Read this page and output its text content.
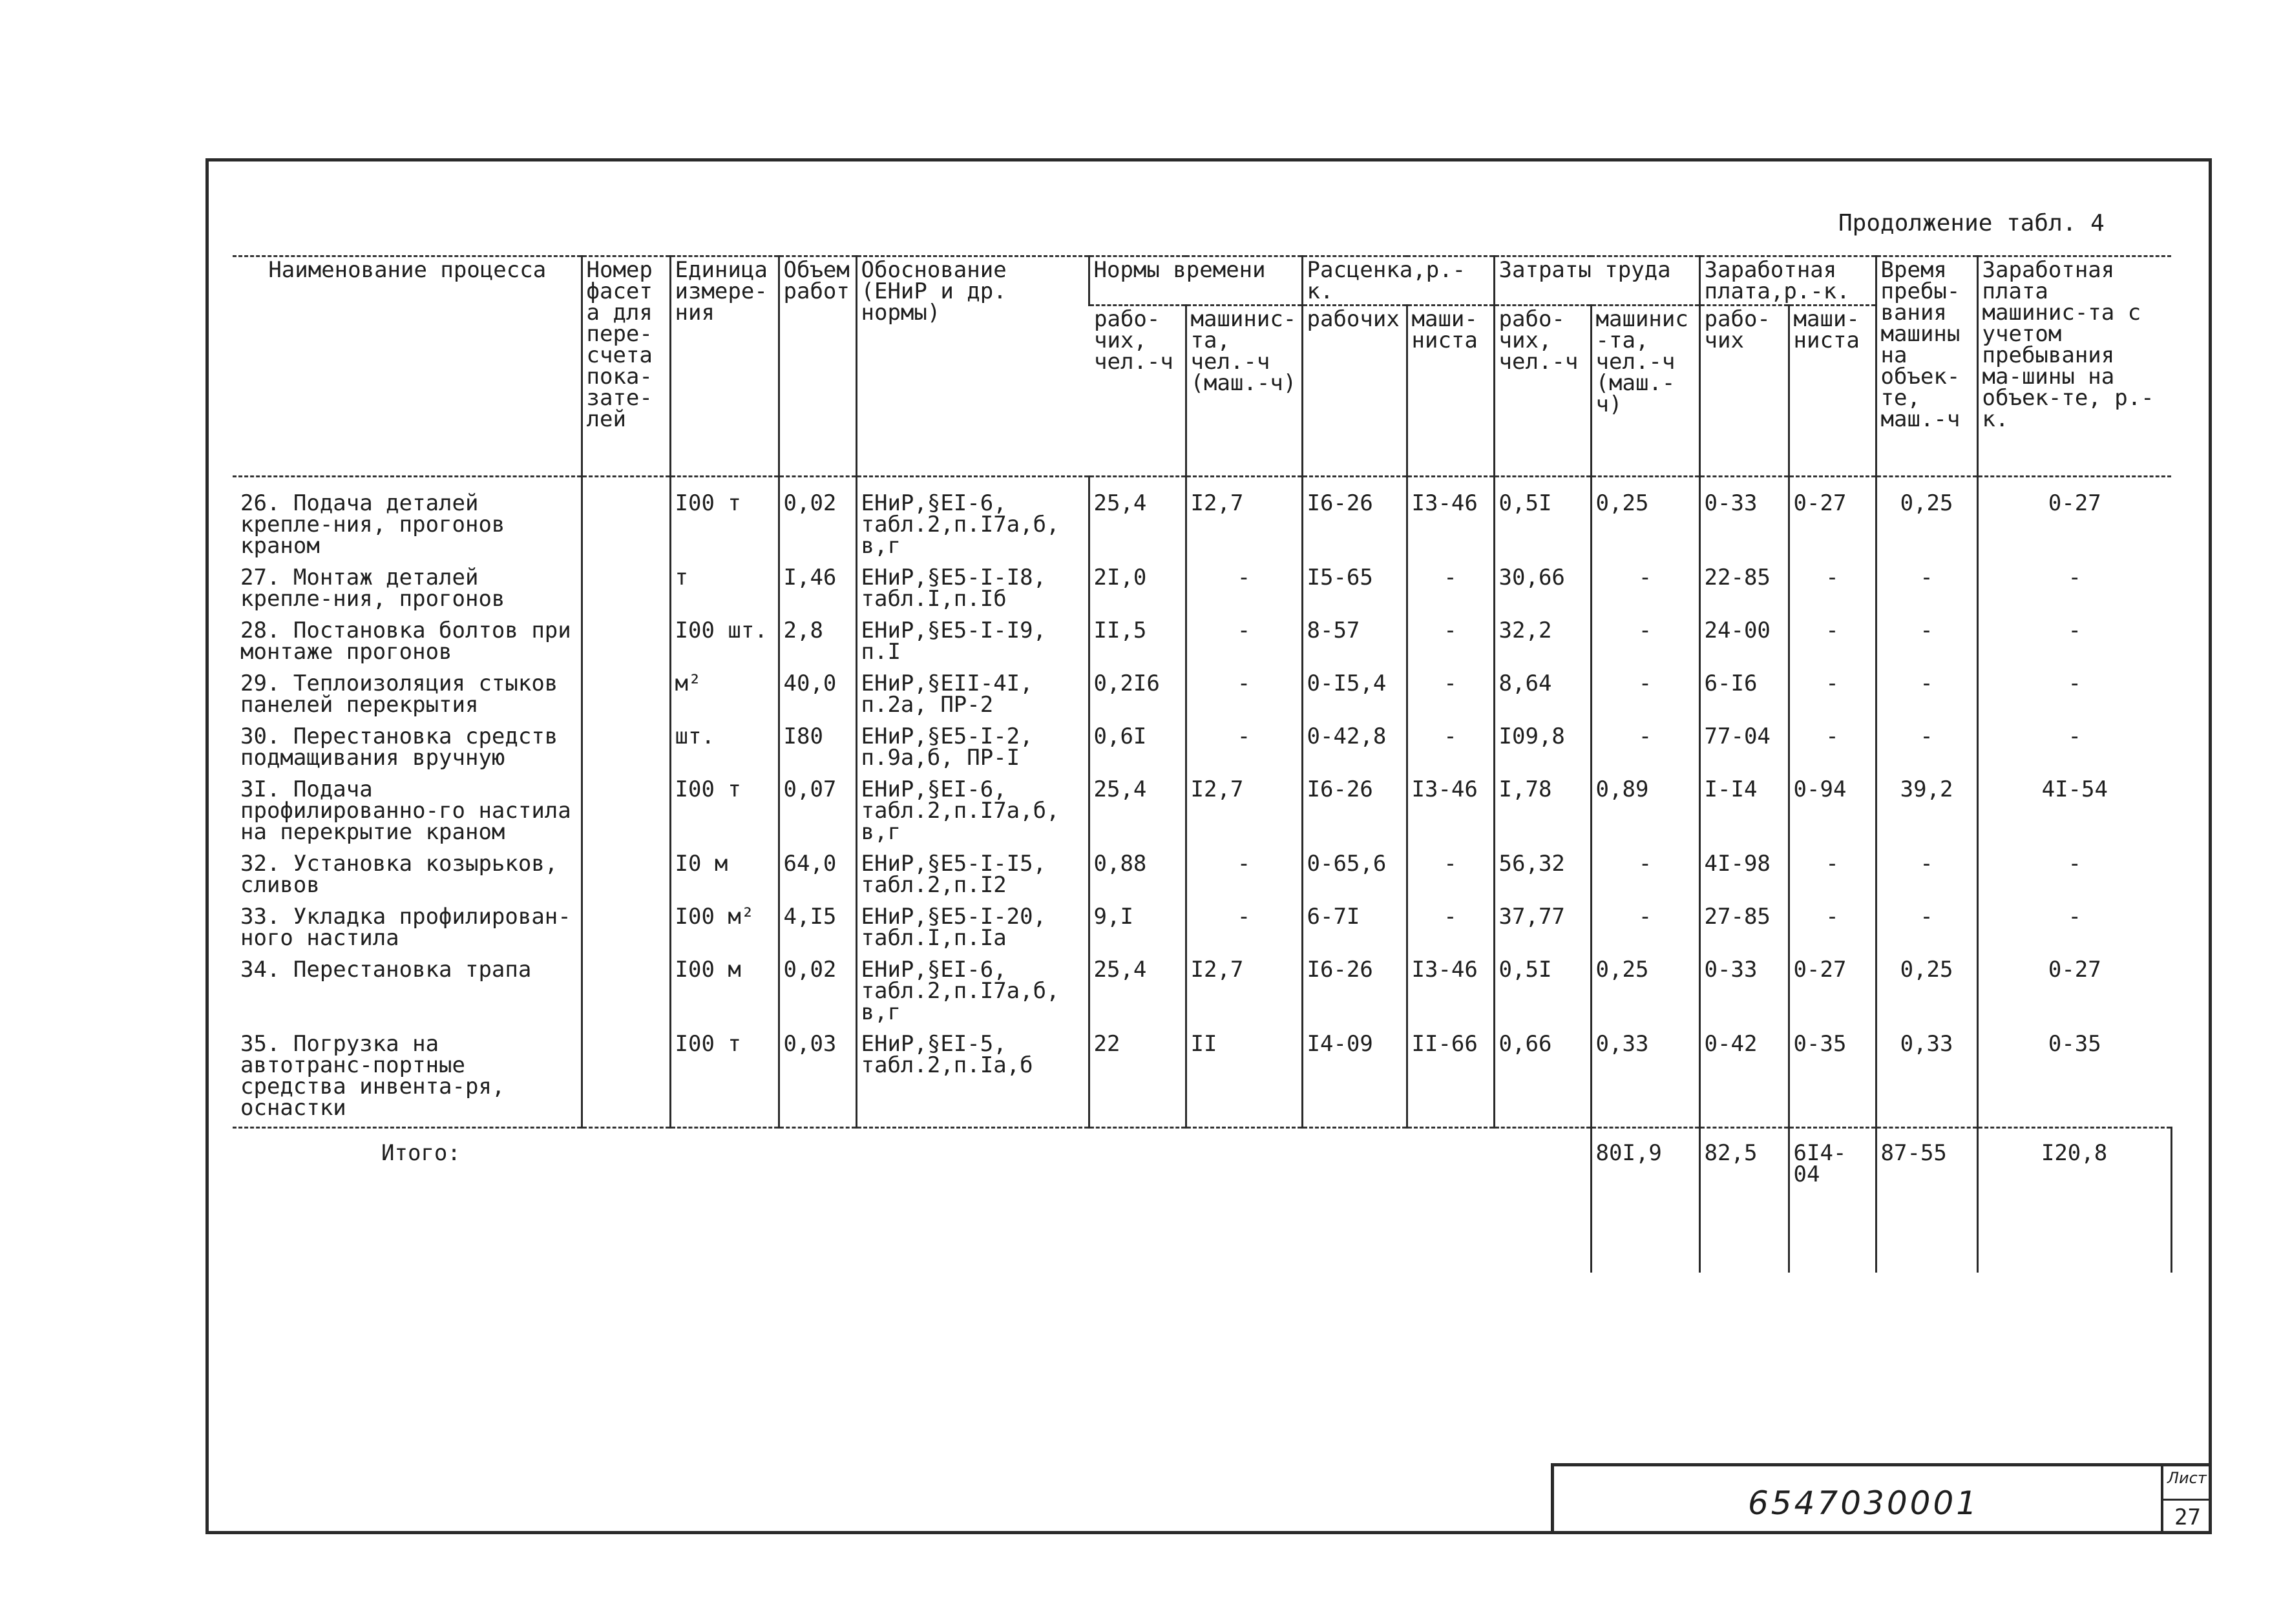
Продолжение табл. 4
Наименование процесса	Номер фасета для пере-счета пока-зате-лей	Единица измере-ния	Объем работ	Обоснование (ЕНиР и др. нормы)	Нормы времени		Расценка,р.-к.		Затраты труда		Заработная плата,р.-к.		Время пребы-вания машины на объек-те, маш.-ч	Заработная плата машинис-та с учетом пребывания ма-шины на объек-те, р.-к.	
					рабо-чих, чел.-ч	машинис-та, чел.-ч (маш.-ч)	рабочих	маши-ниста	рабо-чих, чел.-ч	машинис-та, чел.-ч (маш.-ч)	рабо-чих	маши-ниста			
26. Подача деталей крепле-ния, прогонов краном		I00 т	0,02	ЕНиР,§EI-6, табл.2,п.I7а,б, в,г	25,4	I2,7	I6-26	I3-46	0,5I	0,25	0-33	0-27	0,25	0-27	
27. Монтаж деталей крепле-ния, прогонов		т	I,46	ЕНиР,§Е5-I-I8, табл.I,п.Iб	2I,0	-	I5-65	-	30,66	-	22-85	-	-	-	
28. Постановка болтов при монтаже прогонов		I00 шт.	2,8	ЕНиР,§Е5-I-I9, п.I	II,5	-	8-57	-	32,2	-	24-00	-	-	-	
29. Теплоизоляция стыков панелей перекрытия		м²	40,0	ЕНиР,§ЕII-4I, п.2а, ПР-2	0,2I6	-	0-I5,4	-	8,64	-	6-I6	-	-	-	
30. Перестановка средств подмащивания вручную		шт.	I80	ЕНиР,§Е5-I-2, п.9а,б, ПР-I	0,6I	-	0-42,8	-	I09,8	-	77-04	-	-	-	
3I. Подача профилированно-го настила на перекрытие краном		I00 т	0,07	ЕНиР,§EI-6, табл.2,п.I7а,б, в,г	25,4	I2,7	I6-26	I3-46	I,78	0,89	I-I4	0-94	39,2	4I-54	
32. Установка козырьков, сливов		I0 м	64,0	ЕНиР,§Е5-I-I5, табл.2,п.I2	0,88	-	0-65,6	-	56,32	-	4I-98	-	-	-	
33. Укладка профилирован-ного настила		I00 м²	4,I5	ЕНиР,§Е5-I-20, табл.I,п.Iа	9,I	-	6-7I	-	37,77	-	27-85	-	-	-	
34. Перестановка трапа		I00 м	0,02	ЕНиР,§EI-6, табл.2,п.I7а,б, в,г	25,4	I2,7	I6-26	I3-46	0,5I	0,25	0-33	0-27	0,25	0-27	
35. Погрузка на автотранс-портные средства инвента-ря, оснастки		I00 т	0,03	ЕНиР,§EI-5, табл.2,п.Iа,б	22	II	I4-09	II-66	0,66	0,33	0-42	0-35	0,33	0-35	
Итого:										80I,9	82,5	6I4-04	87-55	I20,8	
6547030001
Лист
27
